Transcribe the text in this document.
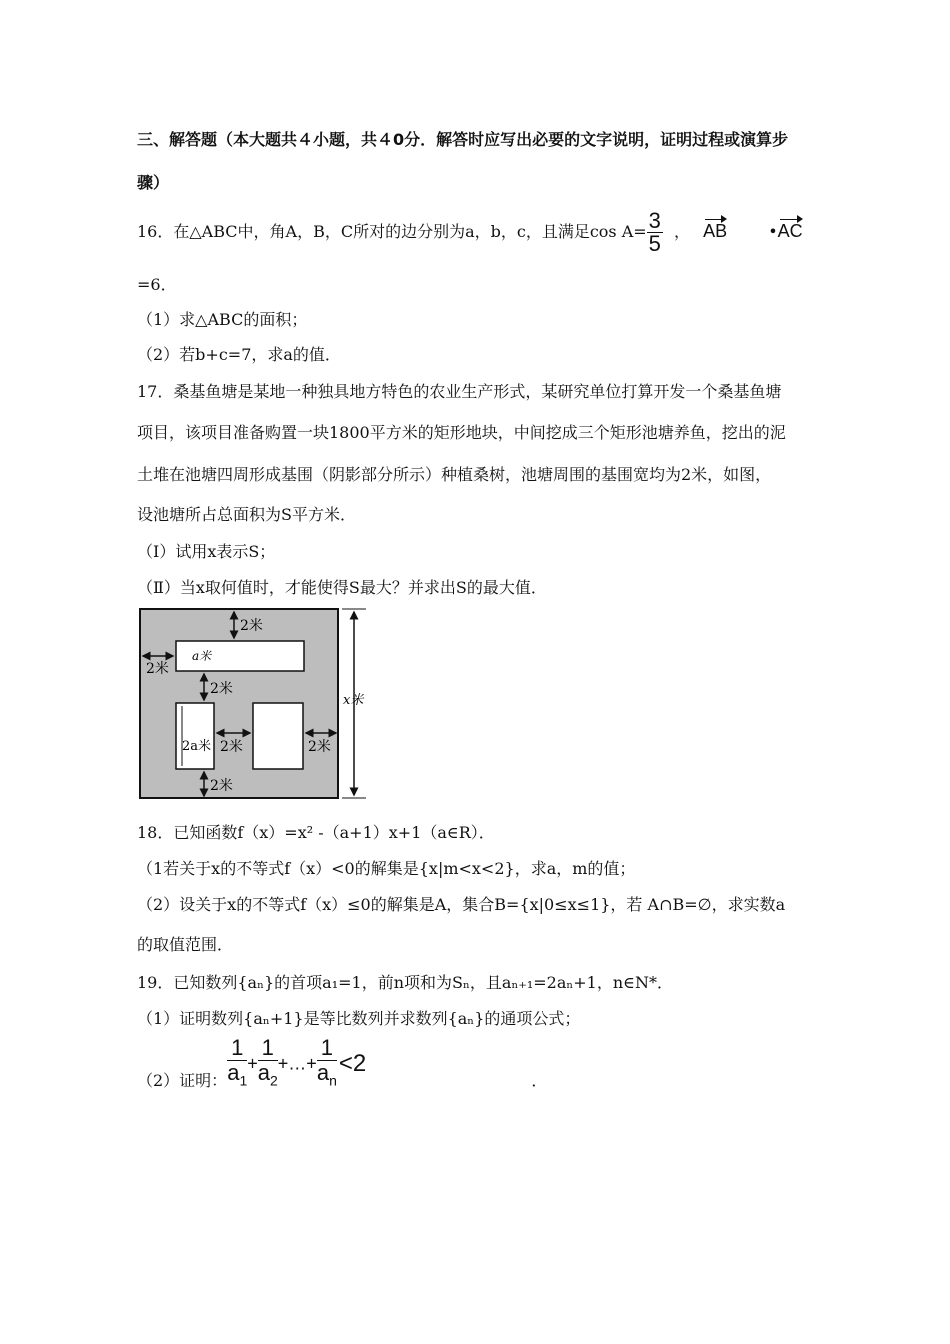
三、解答题（本大题共４小题，共４0分．解答时应写出必要的文字说明，证明过程或演算步
骤）
16．在△ABC中，角A，B，C所对的边分别为a，b，c，且满足$\cos A= \frac{3}{5}$ ， AB	•AC
=6．
（1）求△ABC的面积；
（2）若b+c=7，求a的值．
17．桑基鱼塘是某地一种独具地方特色的农业生产形式，某研究单位打算开发一个桑基鱼塘
项目，该项目准备购置一块1800平方米的矩形地块，中间挖成三个矩形池塘养鱼，挖出的泥
土堆在池塘四周形成基围（阴影部分所示）种植桑树，池塘周围的基围宽均为2米，如图，
设池塘所占总面积为S平方米．
（Ⅰ）试用x表示S；
（Ⅱ）当x取何值时，才能使得S最大？并求出S的最大值．
2米
a米
2米
2米
2a米 2米	2米
2米
x米
18．已知函数f（x）=x² -（a+1）x+1（a∈R）．
（1若关于x的不等式f（x）<0的解集是{x|m<x<2}，求a，m的值；
（2）设关于x的不等式f（x）≤0的解集是A，集合B={x|0≤x≤1}，若 A∩B=∅，求实数a
的取值范围．
19．已知数列{aₙ}的首项a₁=1，前n项和为Sₙ，且aₙ₊₁=2aₙ+1，n∈N*．
（1）证明数列{aₙ+1}是等比数列并求数列{aₙ}的通项公式；
（2）证明： $\frac{1}{a_1} + \frac{1}{a_2}$ +…+ $\frac{1}{a_n} <2$ ．
